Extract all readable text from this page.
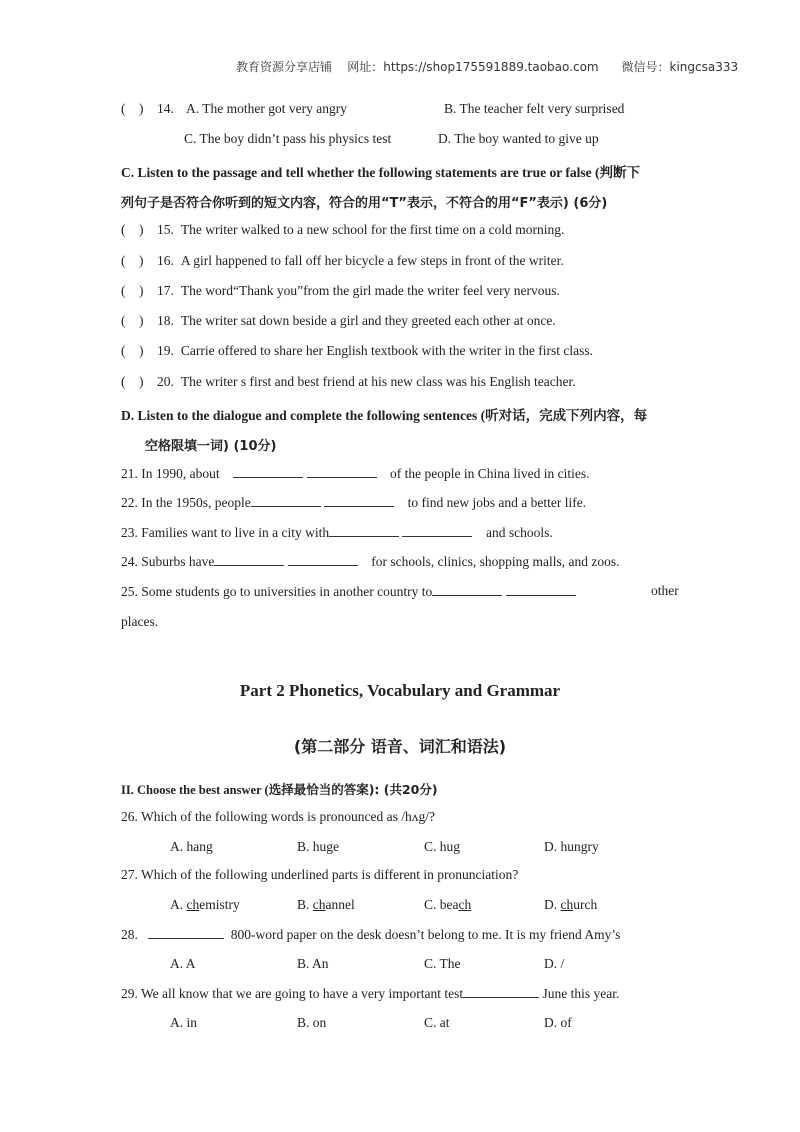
教育资源分享店铺 网址：https://shop175591889.taobao.com 微信号：kingcsa333
(    ) 14. A. The mother got very angry	B. The teacher felt very surprised
C. The boy didn’t pass his physics test	D. The boy wanted to give up
C. Listen to the passage and tell whether the following statements are true or false (判断下
列句子是否符合你听到的短文内容，符合的用“T”表示，不符合的用“F”表示) (6分)
(    ) 15. The writer walked to a new school for the first time on a cold morning.
(    ) 16. A girl happened to fall off her bicycle a few steps in front of the writer.
(    ) 17. The word“Thank you”from the girl made the writer feel very nervous.
(    ) 18. The writer sat down beside a girl and they greeted each other at once.
(    ) 19. Carrie offered to share her English textbook with the writer in the first class.
(    ) 20. The writer s first and best friend at his new class was his English teacher.
D. Listen to the dialogue and complete the following sentences (听对话，完成下列内容，每
空格限填一词) (10分)
21. In 1990, about	of the people in China lived in cities.
22. In the 1950s, people	to find new jobs and a better life.
23. Families want to live in a city with	and schools.
24. Suburbs have	for schools, clinics, shopping malls, and zoos.
25. Some students go to universities in another country to	other
places.
Part 2 Phonetics, Vocabulary and Grammar
(第二部分 语音、词汇和语法)
II. Choose the best answer (选择最恰当的答案): (共20分)
26. Which of the following words is pronounced as /hʌg/?
A. hang	B. huge	C. hug	D. hungry
27. Which of the following underlined parts is different in pronunciation?
A. chemistry	B. channel	C. beach	D. church
28.	800-word paper on the desk doesn’t belong to me. It is my friend Amy’s
A. A	B. An	C. The	D. /
29. We all know that we are going to have a very important test	June this year.
A. in	B. on	C. at	D. of
